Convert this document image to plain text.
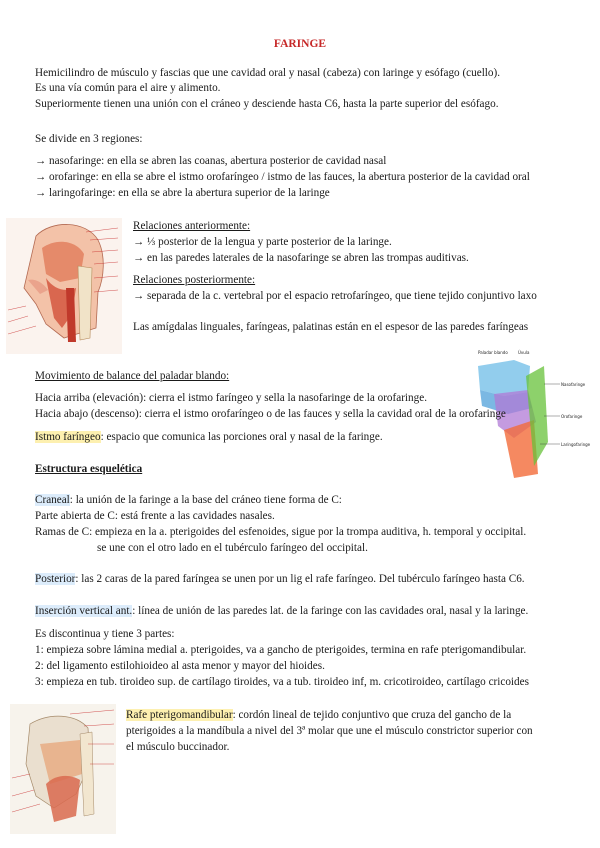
FARINGE
Hemicilindro de músculo y fascias que une cavidad oral y nasal (cabeza) con laringe y esófago (cuello).
Es una vía común para el aire y alimento.
Superiormente tienen una unión con el cráneo y desciende hasta C6, hasta la parte superior del esófago.
Se divide en 3 regiones:
→ nasofaringe: en ella se abren las coanas, abertura posterior de cavidad nasal
→ orofaringe: en ella se abre el istmo orofaríngeo / istmo de las fauces, la abertura posterior de la cavidad oral
→ laringofaringe: en ella se abre la abertura superior de la laringe
Relaciones anteriormente:
→ ⅓ posterior de la lengua y parte posterior de la laringe.
→ en las paredes laterales de la nasofaringe se abren las trompas auditivas.
Relaciones posteriormente:
→ separada de la c. vertebral por el espacio retrofaríngeo, que tiene tejido conjuntivo laxo
Las amígdalas linguales, faríngeas, palatinas están en el espesor de las paredes faríngeas
Paladar blando	Úvula
Nasofaringe
Orofaringe
Laringofaringe
Movimiento de balance del paladar blando:
Hacia arriba (elevación): cierra el istmo faríngeo y sella la nasofaringe de la orofaringe.
Hacia abajo (descenso): cierra el istmo orofaríngeo o de las fauces y sella la cavidad oral de la orofaringe
Istmo faríngeo: espacio que comunica las porciones oral y nasal de la faringe.
Estructura esquelética
Craneal: la unión de la faringe a la base del cráneo tiene forma de C:
Parte abierta de C: está frente a las cavidades nasales.
Ramas de C: empieza en la a. pterigoides del esfenoides, sigue por la trompa auditiva, h. temporal y occipital.
se une con el otro lado en el tubérculo faríngeo del occipital.
Posterior: las 2 caras de la pared faríngea se unen por un lig el rafe faríngeo. Del tubérculo faríngeo hasta C6.
Inserción vertical ant.: línea de unión de las paredes lat. de la faringe con las cavidades oral, nasal y la laringe.
Es discontinua y tiene 3 partes:
1: empieza sobre lámina medial a. pterigoides, va a gancho de pterigoides, termina en rafe pterigomandibular.
2: del ligamento estilohioideo al asta menor y mayor del hioides.
3: empieza en tub. tiroideo sup. de cartílago tiroides, va a tub. tiroideo inf, m. cricotiroideo, cartílago cricoides
Rafe pterigomandibular: cordón lineal de tejido conjuntivo que cruza del gancho de la
pterigoides a la mandíbula a nivel del 3ª molar que une el músculo constrictor superior con
el músculo buccinador.
